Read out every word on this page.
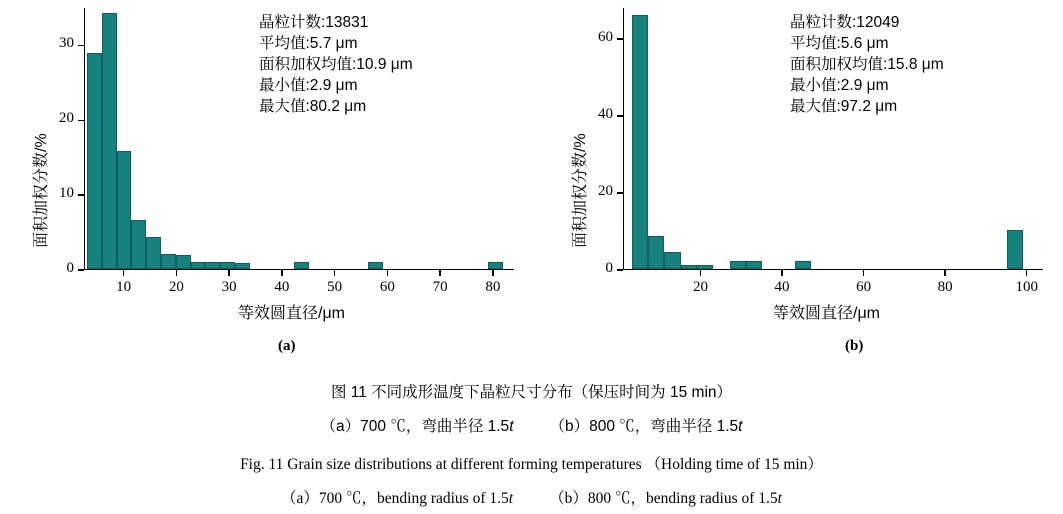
面积加权分数/%
10	20	30	40	50	60	70	80
0
10
20
30
等效圆直径/μm
晶粒计数:13831
平均值:5.7 μm
面积加权均值:10.9 μm
最小值:2.9 μm
最大值:80.2 μm
(a)
面积加权分数/%
20	40	60	80	100
0
20
40
60
等效圆直径/μm
晶粒计数:12049
平均值:5.6 μm
面积加权均值:15.8 μm
最小值:2.9 μm
最大值:97.2 μm
(b)
图 11 不同成形温度下晶粒尺寸分布（保压时间为 15 min）
（a）700 ℃，弯曲半径 1.5t （b）800 ℃，弯曲半径 1.5t
Fig. 11 Grain size distributions at different forming temperatures （Holding time of 15 min）
（a）700 ℃，bending radius of 1.5t （b）800 ℃，bending radius of 1.5t
